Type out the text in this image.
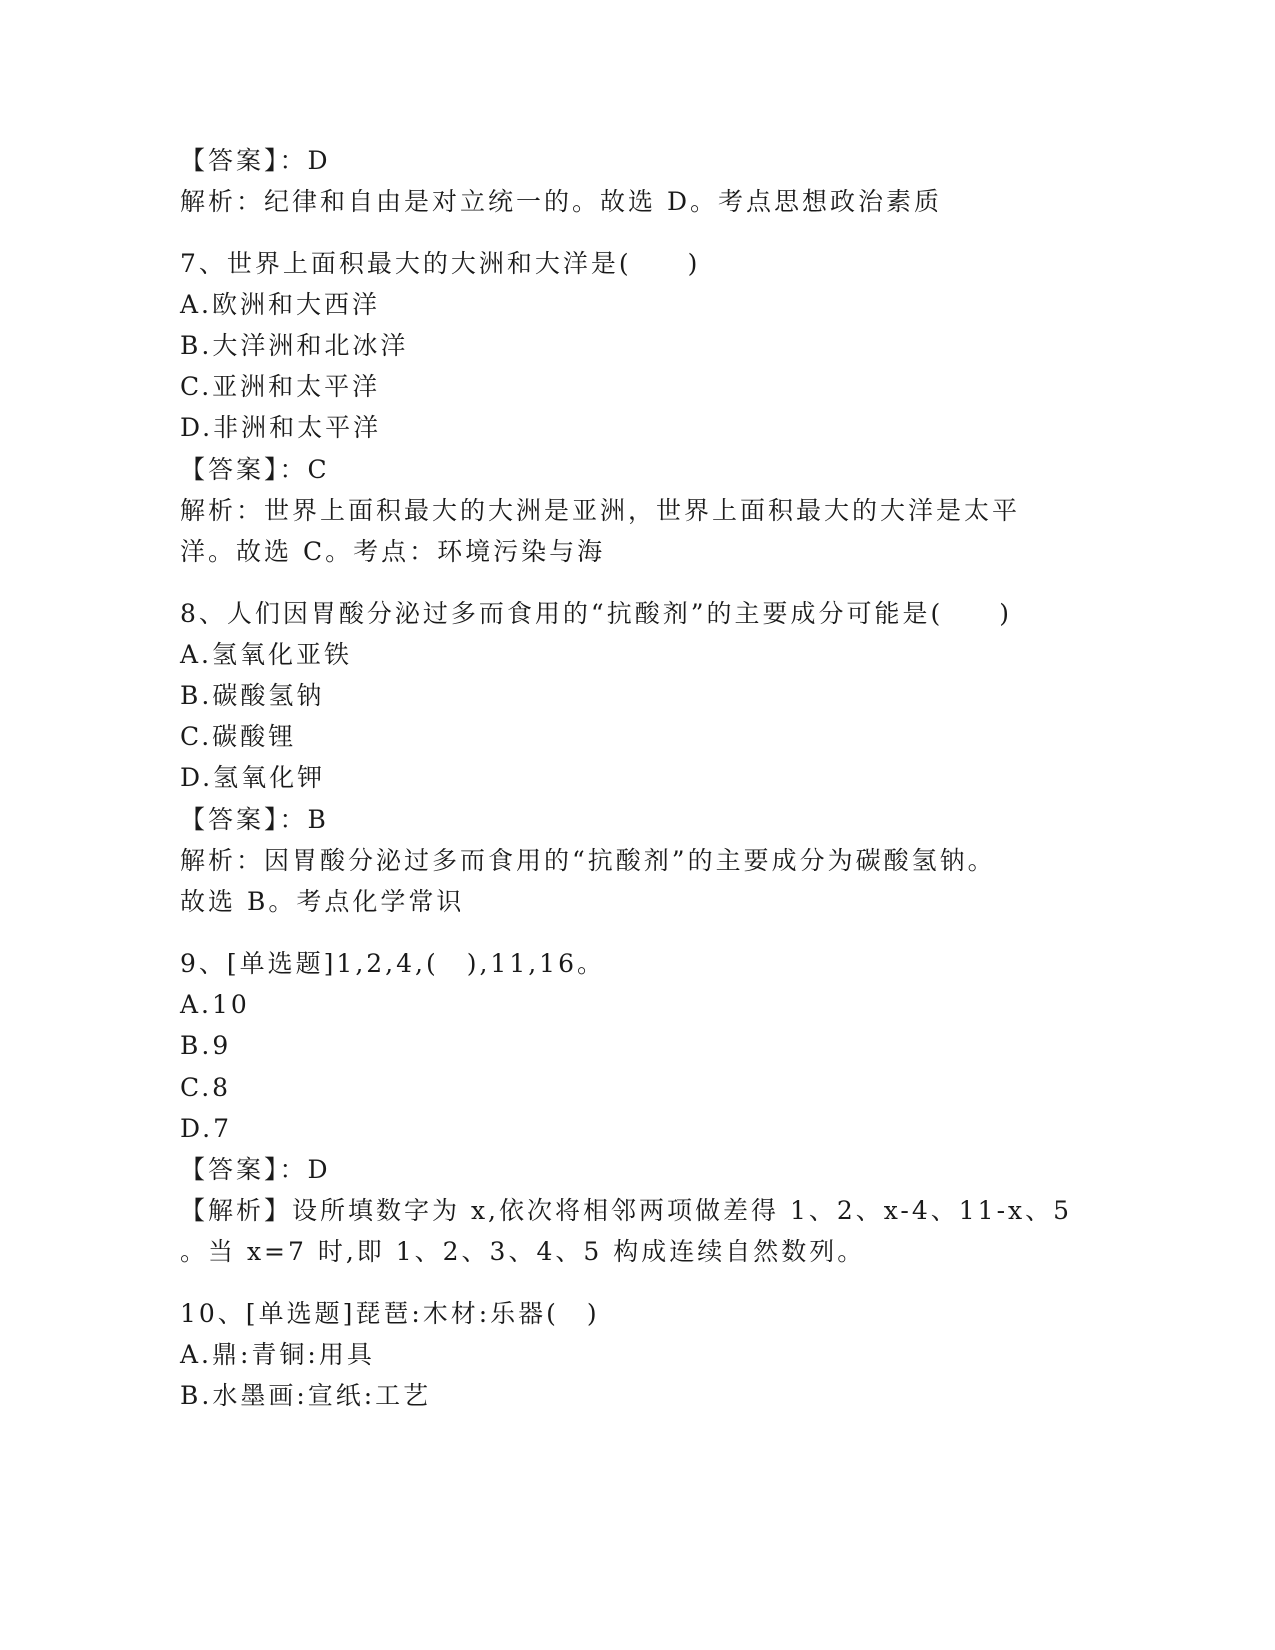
【答案】：D
解析：纪律和自由是对立统一的。故选 D。考点思想政治素质
7、世界上面积最大的大洲和大洋是(　　)
A.欧洲和大西洋
B.大洋洲和北冰洋
C.亚洲和太平洋
D.非洲和太平洋
【答案】：C
解析：世界上面积最大的大洲是亚洲，世界上面积最大的大洋是太平
洋。故选 C。考点：环境污染与海
8、人们因胃酸分泌过多而食用的“抗酸剂”的主要成分可能是(　　)
A.氢氧化亚铁
B.碳酸氢钠
C.碳酸锂
D.氢氧化钾
【答案】：B
解析：因胃酸分泌过多而食用的“抗酸剂”的主要成分为碳酸氢钠。
故选 B。考点化学常识
9、[单选题]1,2,4,(　),11,16。
A.10
B.9
C.8
D.7
【答案】：D
【解析】设所填数字为 x,依次将相邻两项做差得 1、2、x-4、11-x、5
。当 x=7 时,即 1、2、3、4、5 构成连续自然数列。
10、[单选题]琵琶:木材:乐器(　)
A.鼎:青铜:用具
B.水墨画:宣纸:工艺
